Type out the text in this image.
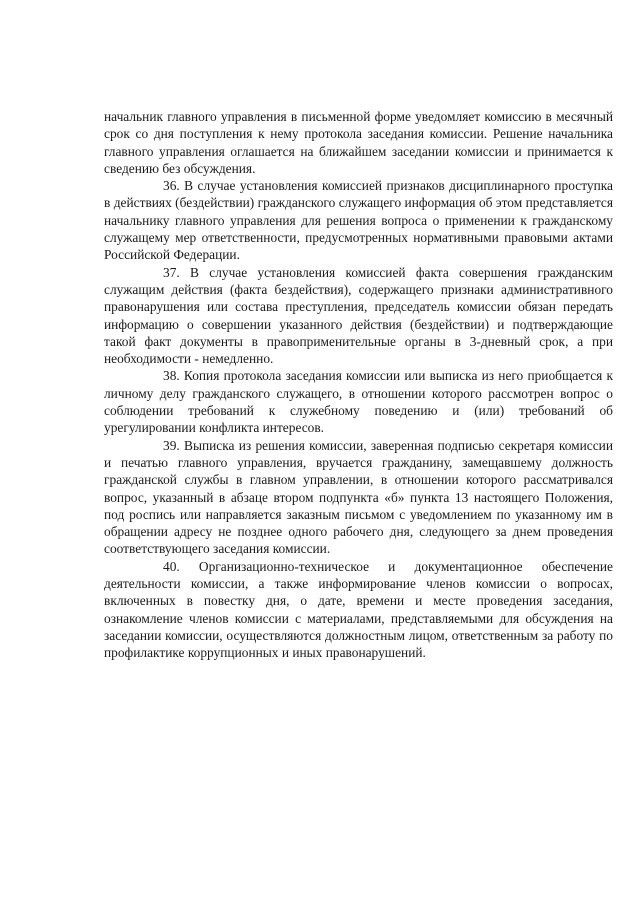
начальник главного управления в письменной форме уведомляет комиссию в месячный срок со дня поступления к нему протокола заседания комиссии. Решение начальника главного управления оглашается на ближайшем заседании комиссии и принимается к сведению без обсуждения.

36. В случае установления комиссией признаков дисциплинарного проступка в действиях (бездействии) гражданского служащего информация об этом представляется начальнику главного управления для решения вопроса о применении к гражданскому служащему мер ответственности, предусмотренных нормативными правовыми актами Российской Федерации.

37. В случае установления комиссией факта совершения гражданским служащим действия (факта бездействия), содержащего признаки административного правонарушения или состава преступления, председатель комиссии обязан передать информацию о совершении указанного действия (бездействии) и подтверждающие такой факт документы в правоприменительные органы в 3-дневный срок, а при необходимости - немедленно.

38. Копия протокола заседания комиссии или выписка из него приобщается к личному делу гражданского служащего, в отношении которого рассмотрен вопрос о соблюдении требований к служебному поведению и (или) требований об урегулировании конфликта интересов.

39. Выписка из решения комиссии, заверенная подписью секретаря комиссии и печатью главного управления, вручается гражданину, замещавшему должность гражданской службы в главном управлении, в отношении которого рассматривался вопрос, указанный в абзаце втором подпункта «б» пункта 13 настоящего Положения, под роспись или направляется заказным письмом с уведомлением по указанному им в обращении адресу не позднее одного рабочего дня, следующего за днем проведения соответствующего заседания комиссии.

40. Организационно-техническое и документационное обеспечение деятельности комиссии, а также информирование членов комиссии о вопросах, включенных в повестку дня, о дате, времени и месте проведения заседания, ознакомление членов комиссии с материалами, представляемыми для обсуждения на заседании комиссии, осуществляются должностным лицом, ответственным за работу по профилактике коррупционных и иных правонарушений.
